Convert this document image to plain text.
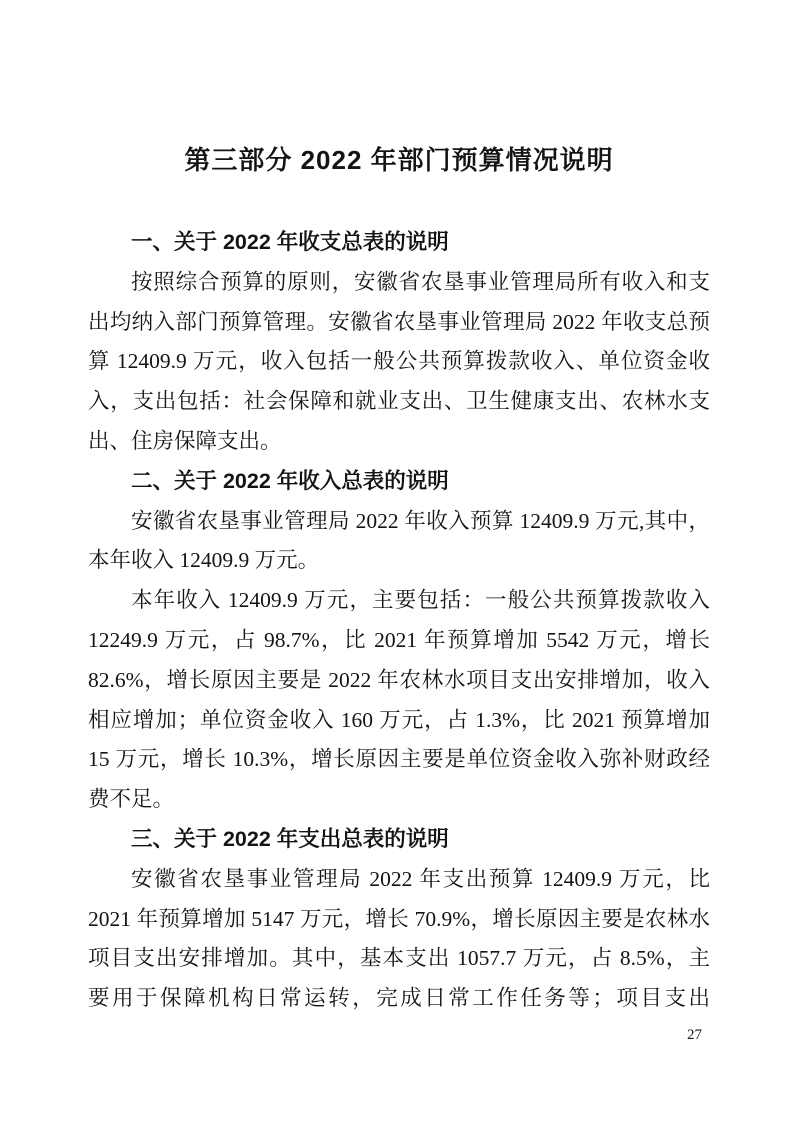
第三部分 2022 年部门预算情况说明
一、关于 2022 年收支总表的说明
按照综合预算的原则，安徽省农垦事业管理局所有收入和支
出均纳入部门预算管理。安徽省农垦事业管理局 2022 年收支总预
算 12409.9 万元，收入包括一般公共预算拨款收入、单位资金收
入，支出包括：社会保障和就业支出、卫生健康支出、农林水支
出、住房保障支出。
二、关于 2022 年收入总表的说明
安徽省农垦事业管理局 2022 年收入预算 12409.9 万元,其中，
本年收入 12409.9 万元。
本年收入 12409.9 万元，主要包括：一般公共预算拨款收入
12249.9 万元，占 98.7%，比 2021 年预算增加 5542 万元，增长
82.6%，增长原因主要是 2022 年农林水项目支出安排增加，收入
相应增加；单位资金收入 160 万元，占 1.3%，比 2021 预算增加
15 万元，增长 10.3%，增长原因主要是单位资金收入弥补财政经
费不足。
三、关于 2022 年支出总表的说明
安徽省农垦事业管理局 2022 年支出预算 12409.9 万元，比
2021 年预算增加 5147 万元，增长 70.9%，增长原因主要是农林水
项目支出安排增加。其中，基本支出 1057.7 万元，占 8.5%，主
要用于保障机构日常运转，完成日常工作任务等；项目支出
27
